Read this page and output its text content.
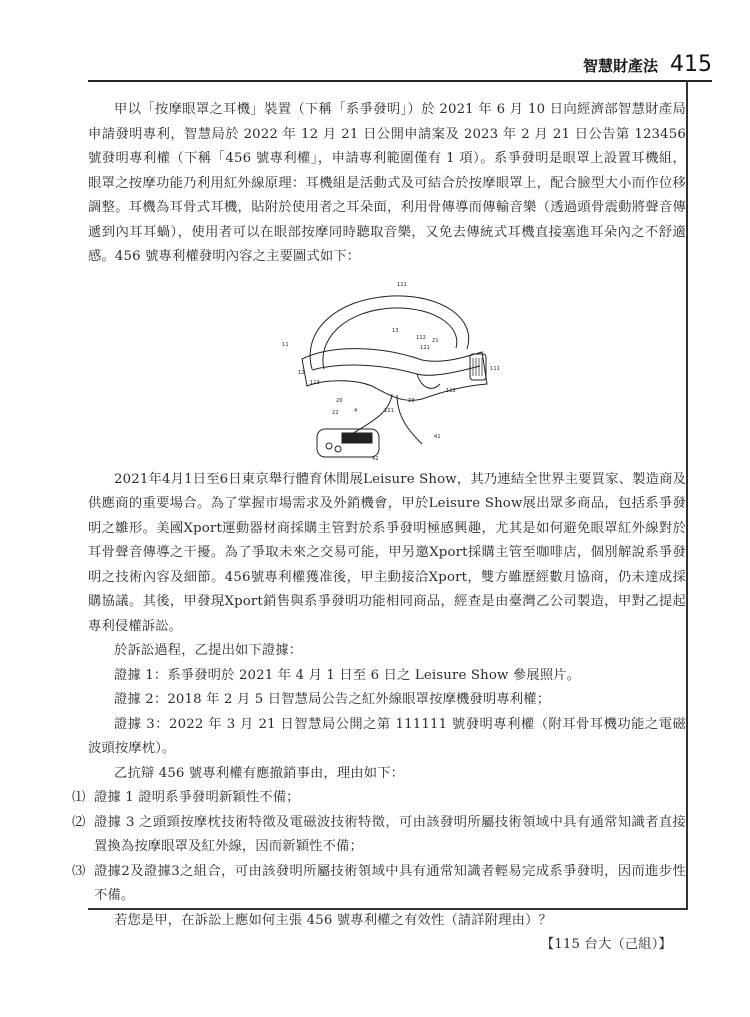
智慧財產法 415

甲以「按摩眼罩之耳機」裝置（下稱「系爭發明」）於 2021 年 6 月 10 日向經濟部智慧財產局申請發明專利，智慧局於 2022 年 12 月 21 日公開申請案及 2023 年 2 月 21 日公告第 123456 號發明專利權（下稱「456 號專利權」，申請專利範圍僅有 1 項）。系爭發明是眼罩上設置耳機組，眼罩之按摩功能乃利用紅外線原理：耳機組是活動式及可結合於按摩眼罩上，配合臉型大小而作位移調整。耳機為耳骨式耳機，貼附於使用者之耳朵面，利用骨傳導而傳輸音樂（透過頭骨震動將聲音傳遞到內耳耳蝸），使用者可以在眼部按摩同時聽取音樂，又免去傳統式耳機直接塞進耳朵內之不舒適感。456 號專利權發明內容之主要圖式如下：

111
11
13
112 21
121
12
113
111
112
20
22	221
23
41
4
42

2021年4月1日至6日東京舉行體育休閒展Leisure Show，其乃連結全世界主要買家、製造商及供應商的重要場合。為了掌握市場需求及外銷機會，甲於Leisure Show展出眾多商品，包括系爭發明之雛形。美國Xport運動器材商採購主管對於系爭發明極感興趣，尤其是如何避免眼罩紅外線對於耳骨聲音傳導之干擾。為了爭取未來之交易可能，甲另邀Xport採購主管至咖啡店，個別解說系爭發明之技術內容及細節。456號專利權獲准後，甲主動接洽Xport，雙方雖歷經數月協商，仍未達成採購協議。其後，甲發現Xport銷售與系爭發明功能相同商品，經查是由臺灣乙公司製造，甲對乙提起專利侵權訴訟。

於訴訟過程，乙提出如下證據：

證據 1：系爭發明於 2021 年 4 月 1 日至 6 日之 Leisure Show 參展照片。

證據 2：2018 年 2 月 5 日智慧局公告之紅外線眼罩按摩機發明專利權；

證據 3：2022 年 3 月 21 日智慧局公開之第 111111 號發明專利權（附耳骨耳機功能之電磁波頭按摩枕）。

乙抗辯 456 號專利權有應撤銷事由，理由如下：

⑴ 證據 1 證明系爭發明新穎性不備；

⑵ 證據 3 之頭頸按摩枕技術特徵及電磁波技術特徵，可由該發明所屬技術領域中具有通常知識者直接置換為按摩眼罩及紅外線，因而新穎性不備；

⑶ 證據2及證據3之組合，可由該發明所屬技術領域中具有通常知識者輕易完成系爭發明，因而進步性不備。

若您是甲，在訴訟上應如何主張 456 號專利權之有效性（請詳附理由）？

【115 台大（己組）】
